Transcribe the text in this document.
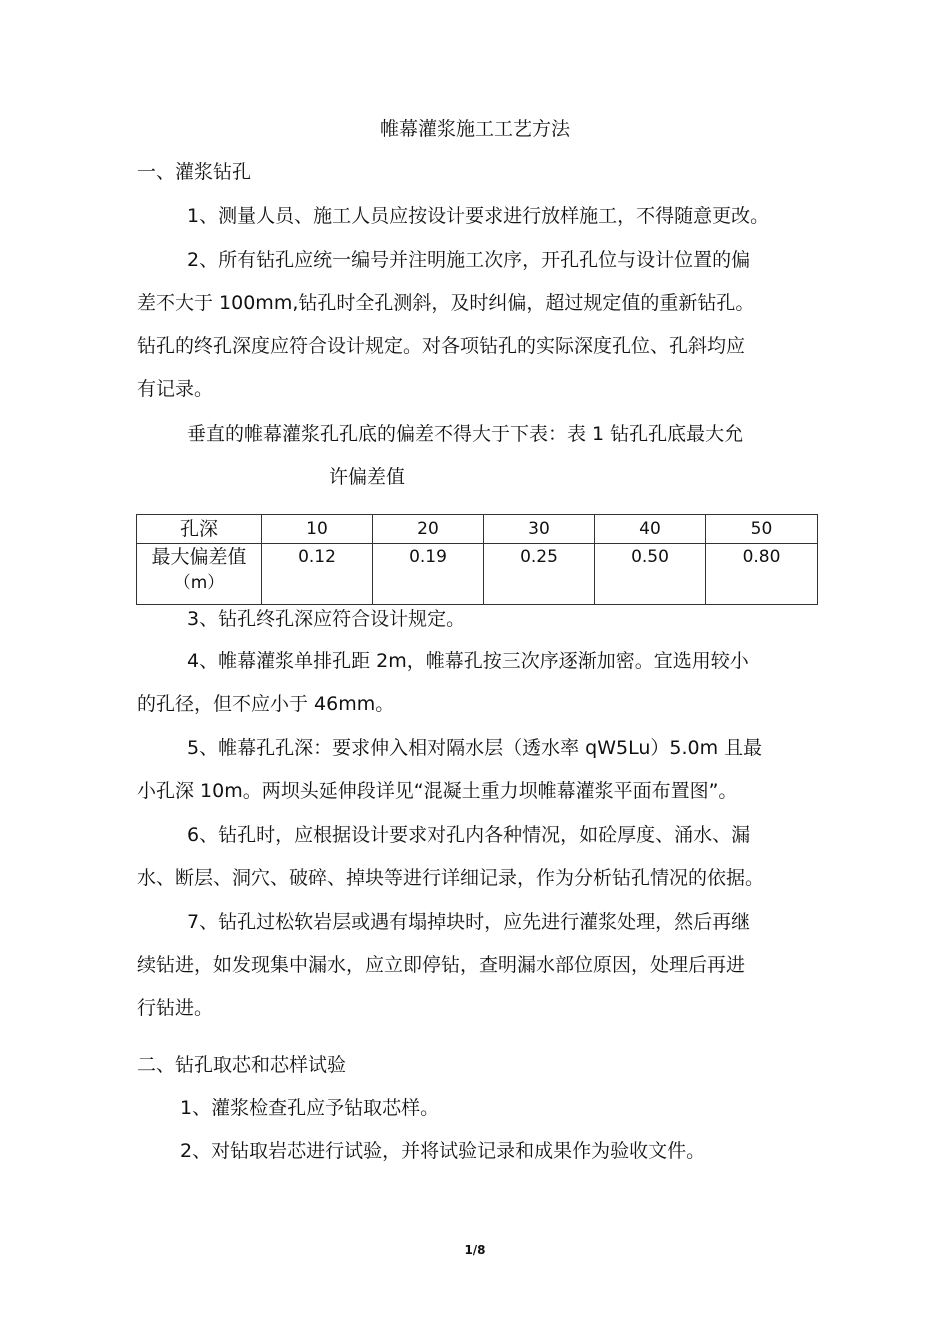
帷幕灌浆施工工艺方法
一、灌浆钻孔
1、测量人员、施工人员应按设计要求进行放样施工，不得随意更改。
2、所有钻孔应统一编号并注明施工次序，开孔孔位与设计位置的偏
差不大于 100mm,钻孔时全孔测斜，及时纠偏，超过规定值的重新钻孔。
钻孔的终孔深度应符合设计规定。对各项钻孔的实际深度孔位、孔斜均应
有记录。
垂直的帷幕灌浆孔孔底的偏差不得大于下表：表 1 钻孔孔底最大允
许偏差值
孔深	10	20	30	40	50
最大偏差值
（m）	0.12	0.19	0.25	0.50	0.80
3、钻孔终孔深应符合设计规定。
4、帷幕灌浆单排孔距 2m，帷幕孔按三次序逐渐加密。宜选用较小
的孔径，但不应小于 46mm。
5、帷幕孔孔深：要求伸入相对隔水层（透水率 qW5Lu）5.0m 且最
小孔深 10m。两坝头延伸段详见“混凝土重力坝帷幕灌浆平面布置图”。
6、钻孔时，应根据设计要求对孔内各种情况，如砼厚度、涌水、漏
水、断层、洞穴、破碎、掉块等进行详细记录，作为分析钻孔情况的依据。
7、钻孔过松软岩层或遇有塌掉块时，应先进行灌浆处理，然后再继
续钻进，如发现集中漏水，应立即停钻，查明漏水部位原因，处理后再进
行钻进。
二、钻孔取芯和芯样试验
1、灌浆检查孔应予钻取芯样。
2、对钻取岩芯进行试验，并将试验记录和成果作为验收文件。
1/8
